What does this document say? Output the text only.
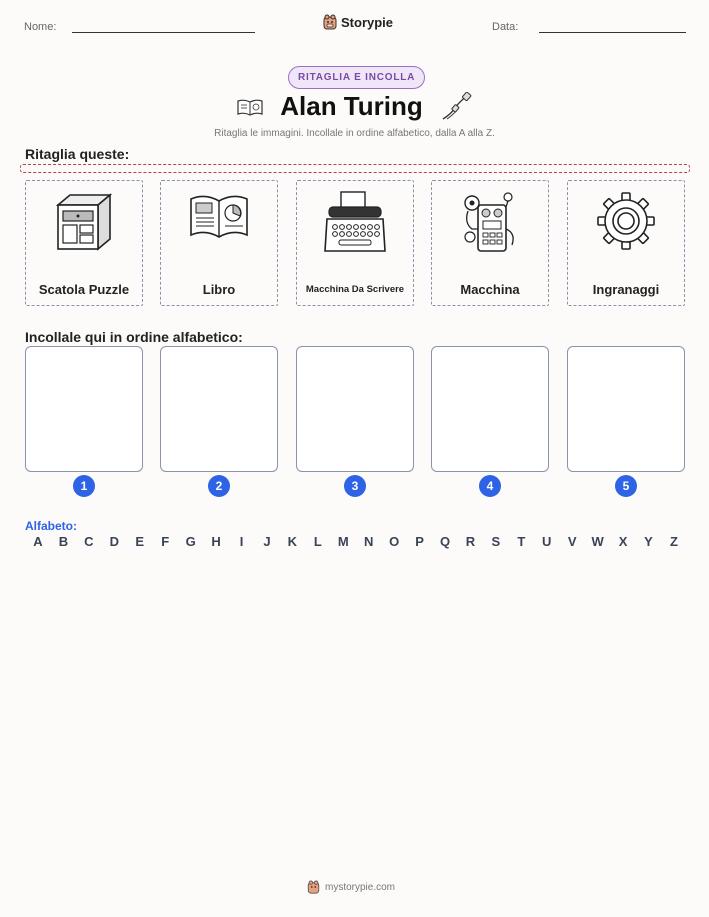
Nome:	Storypie	Data:
RITAGLIA E INCOLLA
Alan Turing
Ritaglia le immagini. Incollale in ordine alfabetico, dalla A alla Z.
Ritaglia queste:
Scatola Puzzle	Libro	Macchina Da Scrivere	Macchina	Ingranaggi
Incollale qui in ordine alfabetico:
1	2	3	4	5
Alfabeto:
A B C D E F G H	I	J K L M N O P Q R S T U V W X Y Z
mystorypie.com
